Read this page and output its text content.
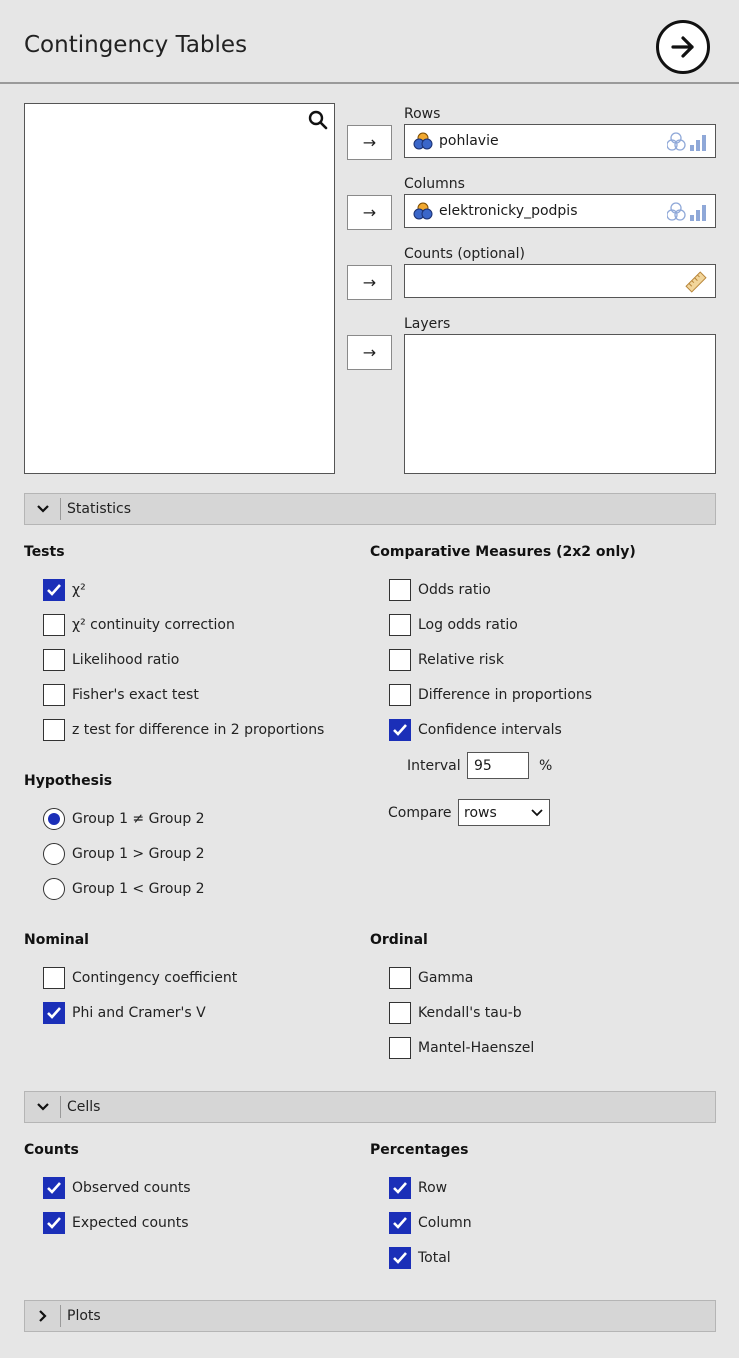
Contingency Tables
→
→
→
→
Rows
pohlavie
Columns
elektronicky_podpis
Counts (optional)
Layers
Statistics
Tests
χ²
χ² continuity correction
Likelihood ratio
Fisher's exact test
z test for difference in 2 proportions
Comparative Measures (2x2 only)
Odds ratio
Log odds ratio
Relative risk
Difference in proportions
Confidence intervals
Interval 95	%
Compare rows
Hypothesis
Group 1 ≠ Group 2
Group 1 > Group 2
Group 1 < Group 2
Nominal
Contingency coefficient
Phi and Cramer's V
Ordinal
Gamma
Kendall's tau-b
Mantel-Haenszel
Cells
Counts
Observed counts
Expected counts
Percentages
Row
Column
Total
Plots
